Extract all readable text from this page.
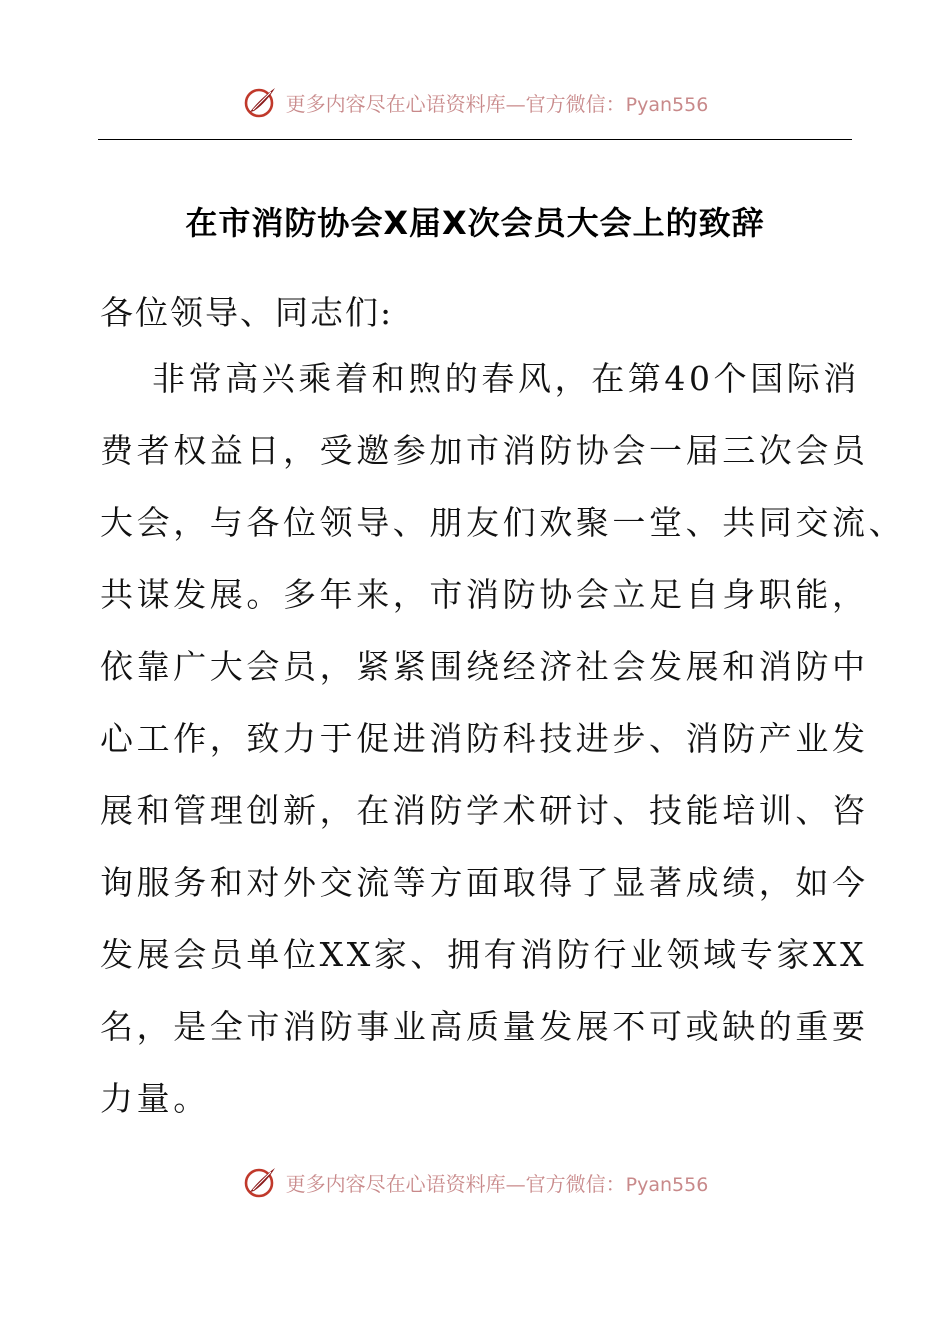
更多内容尽在心语资料库—官方微信：Pyan556
在市消防协会X届X次会员大会上的致辞
各位领导、同志们:
非常高兴乘着和煦的春风，在第40个国际消
费者权益日，受邀参加市消防协会一届三次会员
大会，与各位领导、朋友们欢聚一堂、共同交流、
共谋发展。多年来，市消防协会立足自身职能，
依靠广大会员，紧紧围绕经济社会发展和消防中
心工作，致力于促进消防科技进步、消防产业发
展和管理创新，在消防学术研讨、技能培训、咨
询服务和对外交流等方面取得了显著成绩，如今
发展会员单位XX家、拥有消防行业领域专家XX
名，是全市消防事业高质量发展不可或缺的重要
力量。
更多内容尽在心语资料库—官方微信：Pyan556
